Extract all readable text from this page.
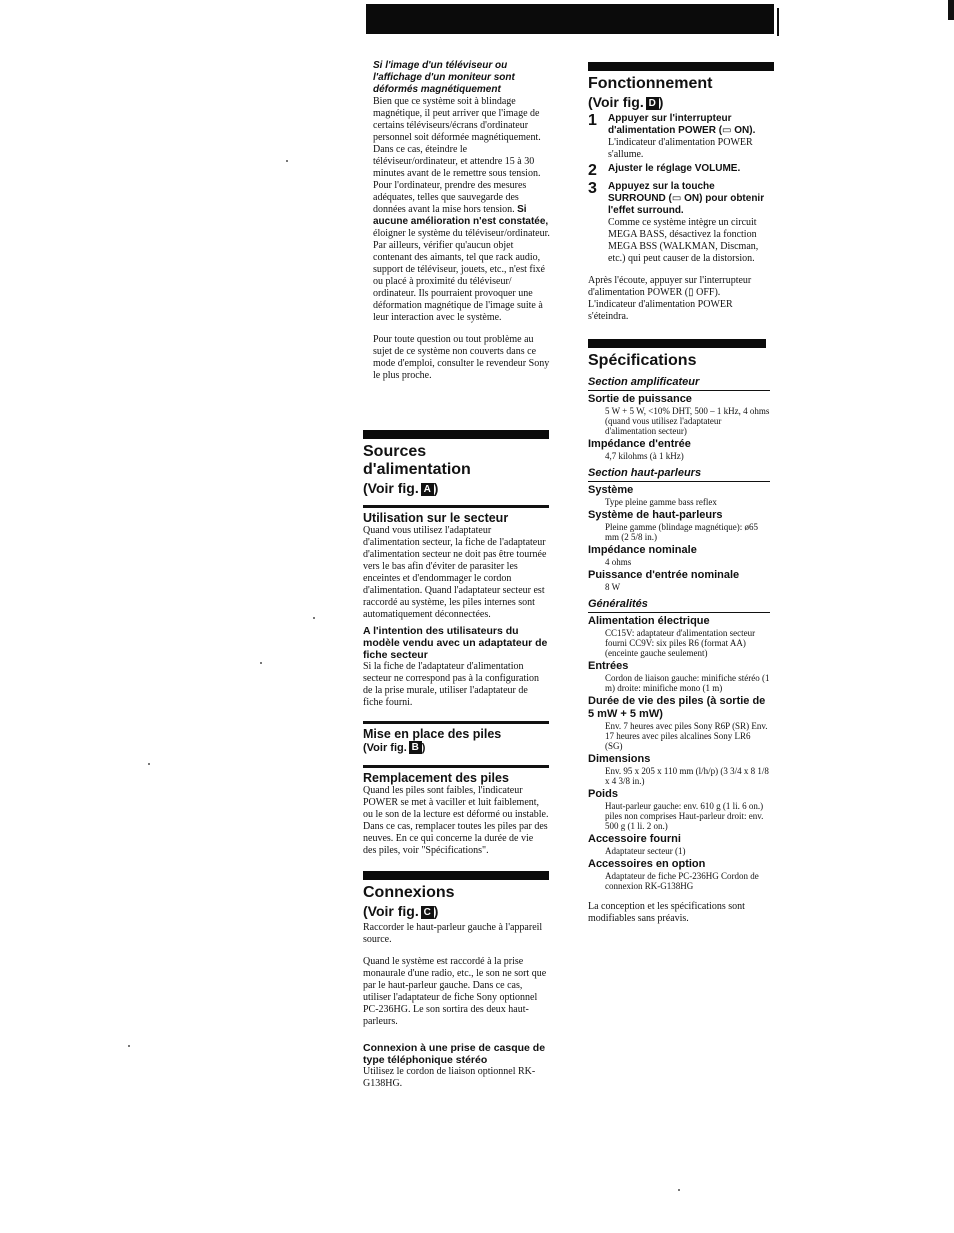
Si l'image d'un téléviseur ou l'affichage d'un moniteur sont déformés magnétiquement

Bien que ce système soit à blindage magnétique, il peut arriver que l'image de certains téléviseurs/écrans d'ordinateur personnel soit déformée magnétiquement. Dans ce cas, éteindre le téléviseur/ordinateur, et attendre 15 à 30 minutes avant de le remettre sous tension. Pour l'ordinateur, prendre des mesures adéquates, telles que sauvegarde des données avant la mise hors tension. Si aucune amélioration n'est constatée, éloigner le système du téléviseur/ordinateur. Par ailleurs, vérifier qu'aucun objet contenant des aimants, tel que rack audio, support de téléviseur, jouets, etc., n'est fixé ou placé à proximité du téléviseur/ ordinateur. Ils pourraient provoquer une déformation magnétique de l'image suite à leur interaction avec le système.

Pour toute question ou tout problème au sujet de ce système non couverts dans ce mode d'emploi, consulter le revendeur Sony le plus proche.

Sources
d'alimentation
(Voir fig. A )
Utilisation sur le secteur

Quand vous utilisez l'adaptateur d'alimentation secteur, la fiche de l'adaptateur d'alimentation secteur ne doit pas être tournée vers le bas afin d'éviter de parasiter les enceintes et d'endommager le cordon d'alimentation. Quand l'adaptateur secteur est raccordé au système, les piles internes sont automatiquement déconnectées.

A l'intention des utilisateurs du modèle vendu avec un adaptateur de fiche secteur

Si la fiche de l'adaptateur d'alimentation secteur ne correspond pas à la configuration de la prise murale, utiliser l'adaptateur de fiche fourni.

Mise en place des piles
(Voir fig. B )
Remplacement des piles

Quand les piles sont faibles, l'indicateur POWER se met à vaciller et luit faiblement, ou le son de la lecture est déformé ou instable. Dans ce cas, remplacer toutes les piles par des neuves. En ce qui concerne la durée de vie des piles, voir "Spécifications".

Connexions
(Voir fig. C )

Raccorder le haut-parleur gauche à l'appareil source.

Quand le système est raccordé à la prise monaurale d'une radio, etc., le son ne sort que par le haut-parleur gauche. Dans ce cas, utiliser l'adaptateur de fiche Sony optionnel PC-236HG. Le son sortira des deux haut-parleurs.

Connexion à une prise de casque de type téléphonique stéréo

Utilisez le cordon de liaison optionnel RK-G138HG.

Fonctionnement
(Voir fig. D )
1	Appuyer sur l'interrupteur d'alimentation POWER (▭ ON).

L'indicateur d'alimentation POWER s'allume.

2	Ajuster le réglage VOLUME.

3	Appuyez sur la touche SURROUND (▭ ON) pour obtenir l'effet surround.

Comme ce système intègre un circuit MEGA BASS, désactivez la fonction MEGA BSS (WALKMAN, Discman, etc.) qui peut causer de la distorsion.

Après l'écoute, appuyer sur l'interrupteur d'alimentation POWER (▯ OFF). L'indicateur d'alimentation POWER s'éteindra.

Spécifications
Section amplificateur
Sortie de puissance
5 W + 5 W, <10% DHT, 500 – 1 kHz, 4 ohms (quand vous utilisez l'adaptateur d'alimentation secteur)
Impédance d'entrée
4,7 kilohms (à 1 kHz)
Section haut-parleurs
Système
Type pleine gamme bass reflex
Système de haut-parleurs
Pleine gamme (blindage magnétique): ø65 mm (2 5/8 in.)
Impédance nominale
4 ohms
Puissance d'entrée nominale
8 W
Généralités
Alimentation électrique
CC15V: adaptateur d'alimentation secteur fourni CC9V: six piles R6 (format AA) (enceinte gauche seulement)
Entrées
Cordon de liaison gauche: minifiche stéréo (1 m) droite: minifiche mono (1 m)
Durée de vie des piles (à sortie de 5 mW + 5 mW)
Env. 7 heures avec piles Sony R6P (SR) Env. 17 heures avec piles alcalines Sony LR6 (SG)
Dimensions
Env. 95 x 205 x 110 mm (l/h/p) (3 3/4 x 8 1/8 x 4 3/8 in.)
Poids
Haut-parleur gauche: env. 610 g (1 li. 6 on.) piles non comprises Haut-parleur droit: env. 500 g (1 li. 2 on.)
Accessoire fourni
Adaptateur secteur (1)
Accessoires en option
Adaptateur de fiche PC-236HG Cordon de connexion RK-G138HG

La conception et les spécifications sont modifiables sans préavis.
